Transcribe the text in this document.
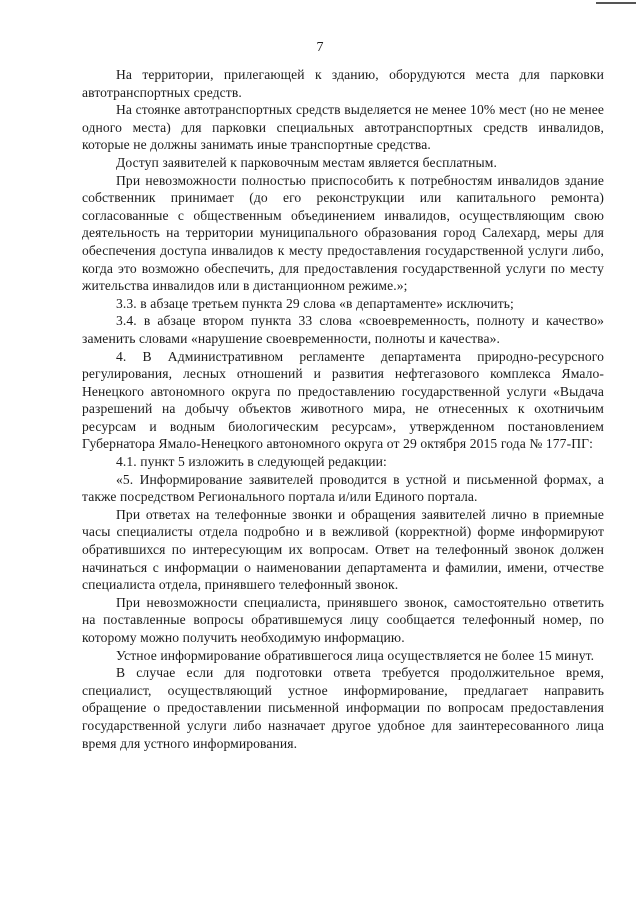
7

На территории, прилегающей к зданию, оборудуются места для парковки автотранспортных средств.

На стоянке автотранспортных средств выделяется не менее 10% мест (но не менее одного места) для парковки специальных автотранспортных средств инвалидов, которые не должны занимать иные транспортные средства.

Доступ заявителей к парковочным местам является бесплатным.

При невозможности полностью приспособить к потребностям инвалидов здание собственник принимает (до его реконструкции или капитального ремонта) согласованные с общественным объединением инвалидов, осуществляющим свою деятельность на территории муниципального образования город Салехард, меры для обеспечения доступа инвалидов к месту предоставления государственной услуги либо, когда это возможно обеспечить, для предоставления государственной услуги по месту жительства инвалидов или в дистанционном режиме.»;

3.3. в абзаце третьем пункта 29 слова «в департаменте» исключить;

3.4. в абзаце втором пункта 33 слова «своевременность, полноту и качество» заменить словами «нарушение своевременности, полноты и качества».

4. В Административном регламенте департамента природно-ресурсного регулирования, лесных отношений и развития нефтегазового комплекса Ямало-Ненецкого автономного округа по предоставлению государственной услуги «Выдача разрешений на добычу объектов животного мира, не отнесенных к охотничьим ресурсам и водным биологическим ресурсам», утвержденном постановлением Губернатора Ямало-Ненецкого автономного округа от 29 октября 2015 года № 177-ПГ:

4.1. пункт 5 изложить в следующей редакции:

«5. Информирование заявителей проводится в устной и письменной формах, а также посредством Регионального портала и/или Единого портала.

При ответах на телефонные звонки и обращения заявителей лично в приемные часы специалисты отдела подробно и в вежливой (корректной) форме информируют обратившихся по интересующим их вопросам. Ответ на телефонный звонок должен начинаться с информации о наименовании департамента и фамилии, имени, отчестве специалиста отдела, принявшего телефонный звонок.

При невозможности специалиста, принявшего звонок, самостоятельно ответить на поставленные вопросы обратившемуся лицу сообщается телефонный номер, по которому можно получить необходимую информацию.

Устное информирование обратившегося лица осуществляется не более 15 минут.

В случае если для подготовки ответа требуется продолжительное время, специалист, осуществляющий устное информирование, предлагает направить обращение о предоставлении письменной информации по вопросам предоставления государственной услуги либо назначает другое удобное для заинтересованного лица время для устного информирования.
